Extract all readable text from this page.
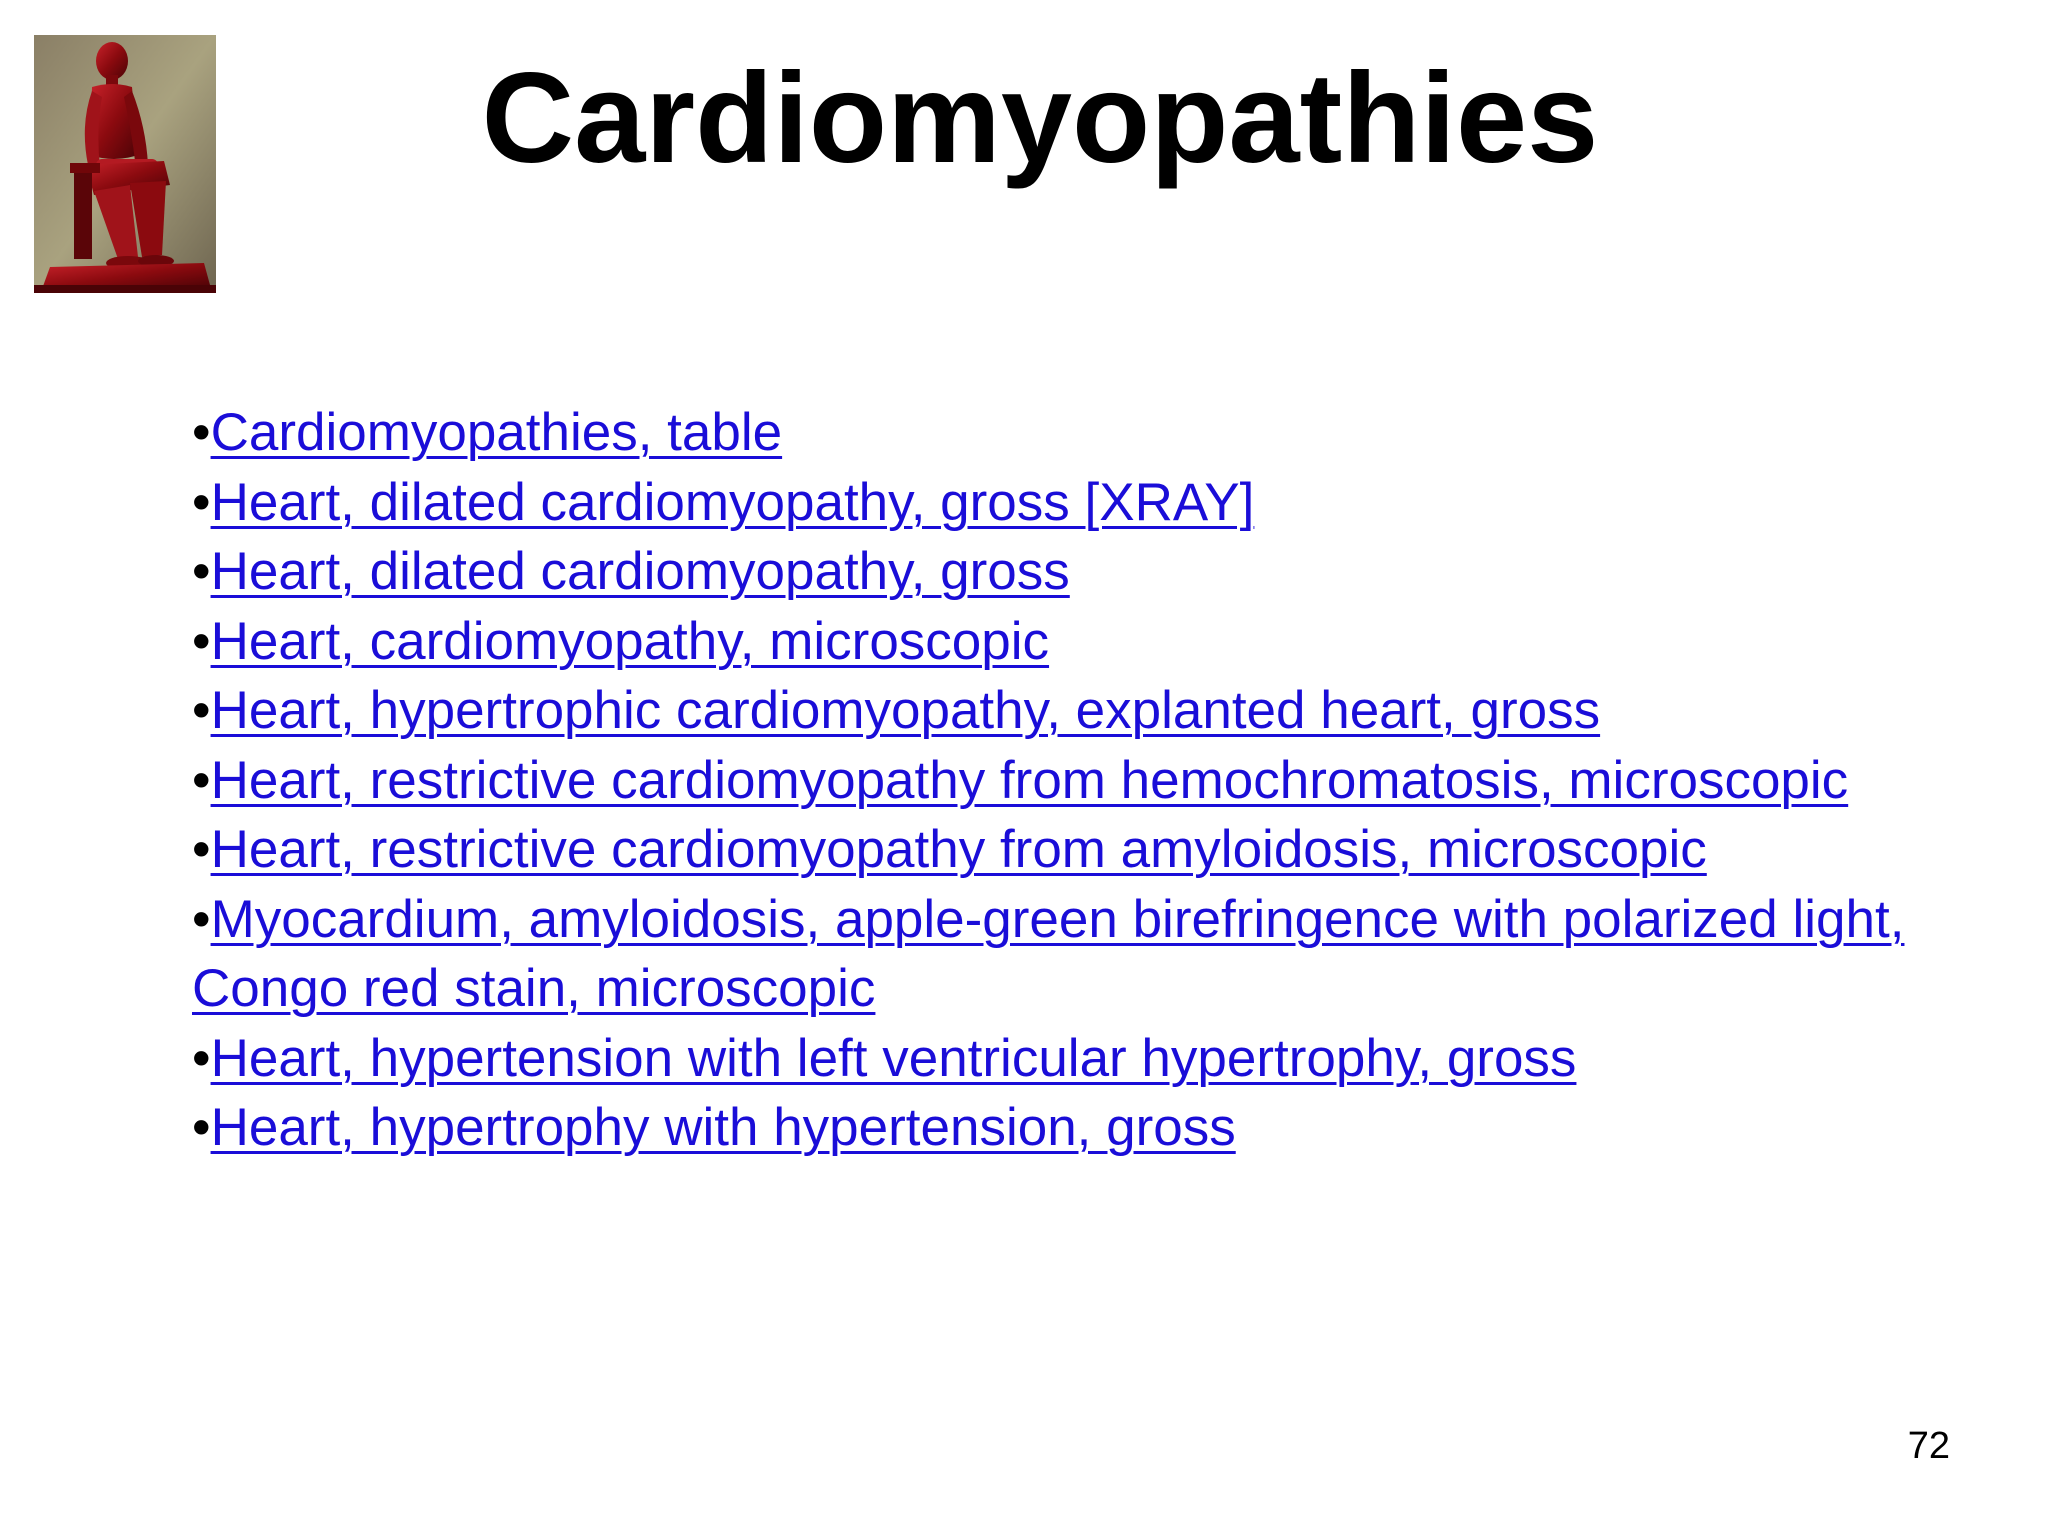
Cardiomyopathies
•Cardiomyopathies, table
•Heart, dilated cardiomyopathy, gross [XRAY]
•Heart, dilated cardiomyopathy, gross
•Heart, cardiomyopathy, microscopic
•Heart, hypertrophic cardiomyopathy, explanted heart, gross
•Heart, restrictive cardiomyopathy from hemochromatosis, microscopic
•Heart, restrictive cardiomyopathy from amyloidosis, microscopic
•Myocardium, amyloidosis, apple-green birefringence with polarized light, Congo red stain, microscopic
•Heart, hypertension with left ventricular hypertrophy, gross
•Heart, hypertrophy with hypertension, gross
72
